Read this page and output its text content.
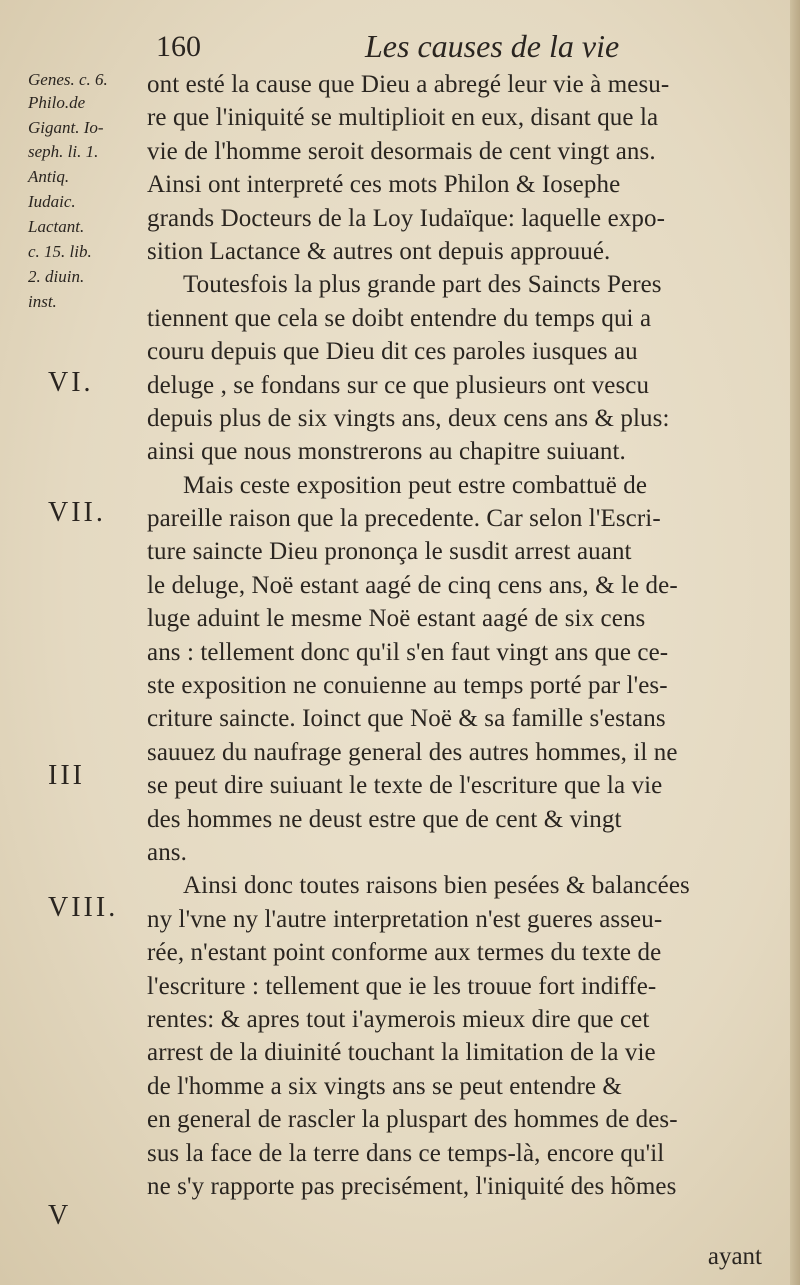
160	Les causes de la vie
Genes. c. 6.
Philo.de
Gigant. Io-
seph. li. 1.
Antiq.
Iudaic.
Lactant.
c. 15. lib.
2. diuin.
inst.
VI.
VII.
III
VIII.
V
ont esté la cause que Dieu a abregé leur vie à mesu-
re que l'iniquité se multiplioit en eux, disant que la
vie de l'homme seroit desormais de cent vingt ans.
Ainsi ont interpreté ces mots Philon & Iosephe
grands Docteurs de la Loy Iudaïque: laquelle expo-
sition Lactance & autres ont depuis approuué.
Toutesfois la plus grande part des Saincts Peres
tiennent que cela se doibt entendre du temps qui a
couru depuis que Dieu dit ces paroles iusques au
deluge , se fondans sur ce que plusieurs ont vescu
depuis plus de six vingts ans, deux cens ans & plus:
ainsi que nous monstrerons au chapitre suiuant.
Mais ceste exposition peut estre combattuë de
pareille raison que la precedente. Car selon l'Escri-
ture saincte Dieu prononça le susdit arrest auant
le deluge, Noë estant aagé de cinq cens ans, & le de-
luge aduint le mesme Noë estant aagé de six cens
ans : tellement donc qu'il s'en faut vingt ans que ce-
ste exposition ne conuienne au temps porté par l'es-
criture saincte. Ioinct que Noë & sa famille s'estans
sauuez du naufrage general des autres hommes, il ne
se peut dire suiuant le texte de l'escriture que la vie
des hommes ne deust estre que de cent & vingt
ans.
Ainsi donc toutes raisons bien pesées & balancées
ny l'vne ny l'autre interpretation n'est gueres asseu-
rée, n'estant point conforme aux termes du texte de
l'escriture : tellement que ie les trouue fort indiffe-
rentes: & apres tout i'aymerois mieux dire que cet
arrest de la diuinité touchant la limitation de la vie
de l'homme a six vingts ans se peut entendre &
en general de rascler la pluspart des hommes de des-
sus la face de la terre dans ce temps-là, encore qu'il
ne s'y rapporte pas precisément, l'iniquité des hõmes
ayant
